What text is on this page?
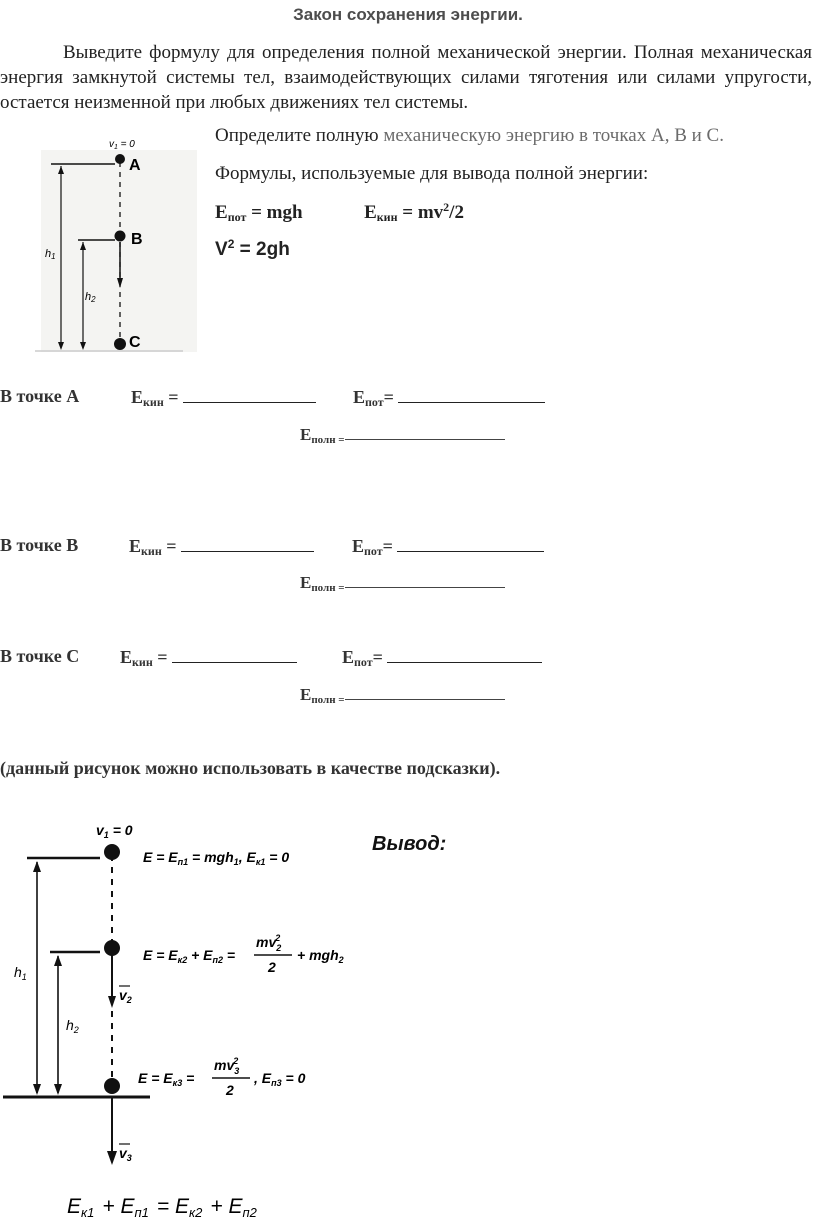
Закон сохранения энергии.
Выведите формулу для определения полной механической энергии. Полная механическая энергия замкнутой системы тел, взаимодействующих силами тяготения или силами упругости, остается неизменной при любых движениях тел системы.
$v_1 = 0$
A
B
C
h1
h2
Определите полную механическую энергию в точках А, В и С.
Формулы, используемые для вывода полной энергии:
$E_{пот}$ = mgh	$E_{кин} = mv^2/2$
$V^2 = 2gh$
В точке А	$E_{кин}$ =	$E_{пот}=$
$E_{полн}$ $_=$
В точке В	$E_{кин}$ =	$E_{пот}=$
$E_{полн}$ $_=$
В точке С $E_{кин}$ =	$E_{пот}=$
$E_{полн}$ $_=$
(данный рисунок можно использовать в качестве подсказки).
Вывод:
$v_1 = 0$
$E = E_{п1} = mgh_1$, $E_{к1} = 0$
$E = E_{к2} + E_{п2}$ =
$mv_22$
2
+ mgh$_2$
$E = E_{к3}$ =
$mv_32$
2
, $E_{п3} = 0$
$v_2$
$v_3$
$h_1$
$h_2$
Eк1 + Eп1 = Eк2 + Eп2
